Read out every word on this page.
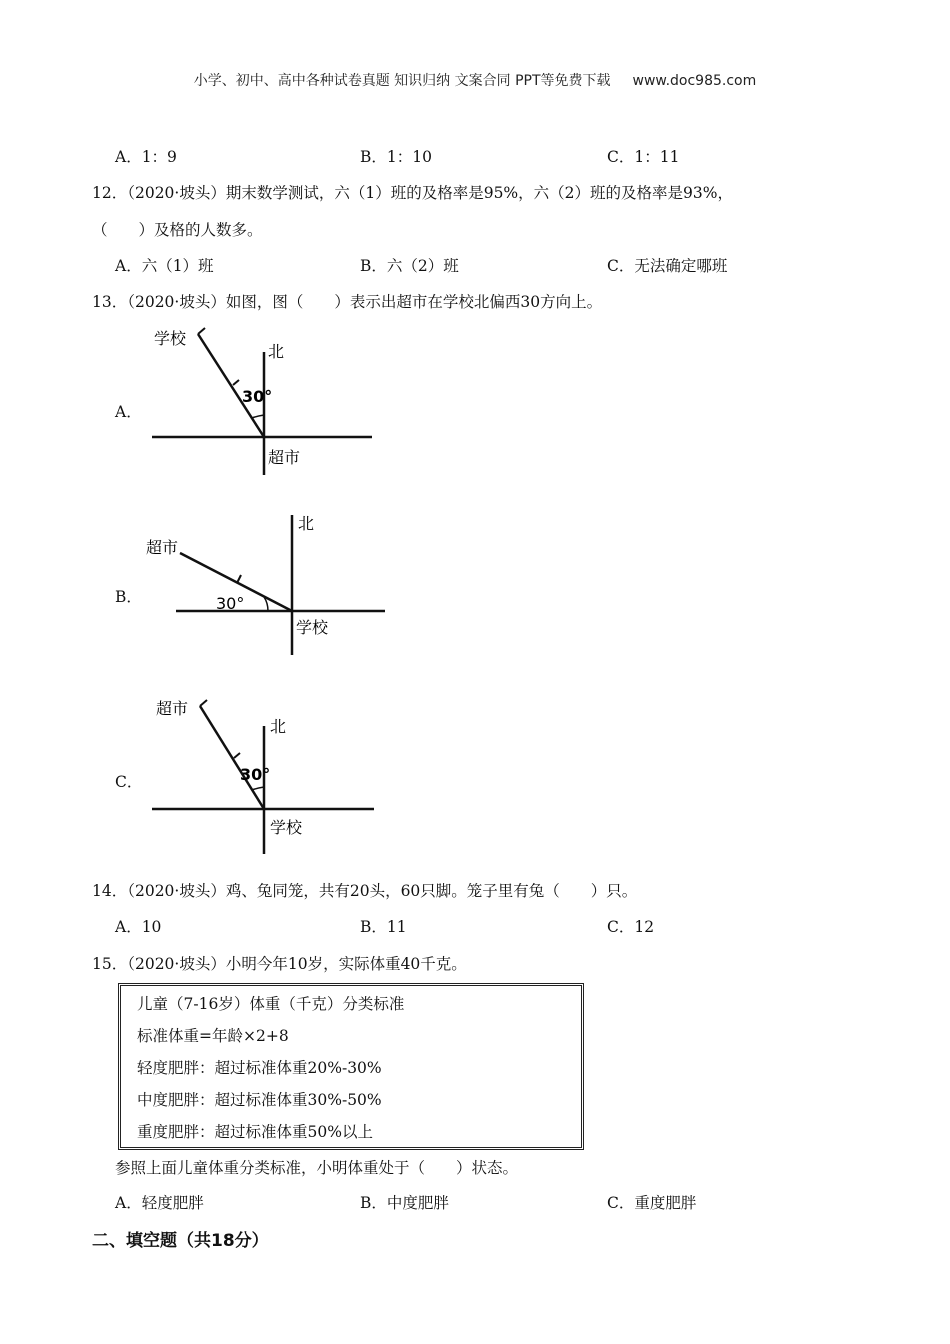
小学、初中、高中各种试卷真题 知识归纳 文案合同 PPT等免费下载 www.doc985.com
A．1：9	B．1：10	C．1：11
12．（2020·坡头）期末数学测试，六（1）班的及格率是95%，六（2）班的及格率是93%，
（　　）及格的人数多。
A．六（1）班	B．六（2）班	C．无法确定哪班
13．（2020·坡头）如图，图（　　）表示出超市在学校北偏西30方向上。
A．
学校
北
30°
超市
B．
超市
北
30°
学校
C．
超市
北
30°
学校
14．（2020·坡头）鸡、兔同笼，共有20头，60只脚。笼子里有兔（　　）只。
A．10	B．11	C．12
15．（2020·坡头）小明今年10岁，实际体重40千克。
儿童（7-16岁）体重（千克）分类标准
标准体重=年龄×2+8
轻度肥胖：超过标准体重20%-30%
中度肥胖：超过标准体重30%-50%
重度肥胖：超过标准体重50%以上
参照上面儿童体重分类标准，小明体重处于（　　）状态。
A．轻度肥胖	B．中度肥胖	C．重度肥胖
二、填空题（共18分）
